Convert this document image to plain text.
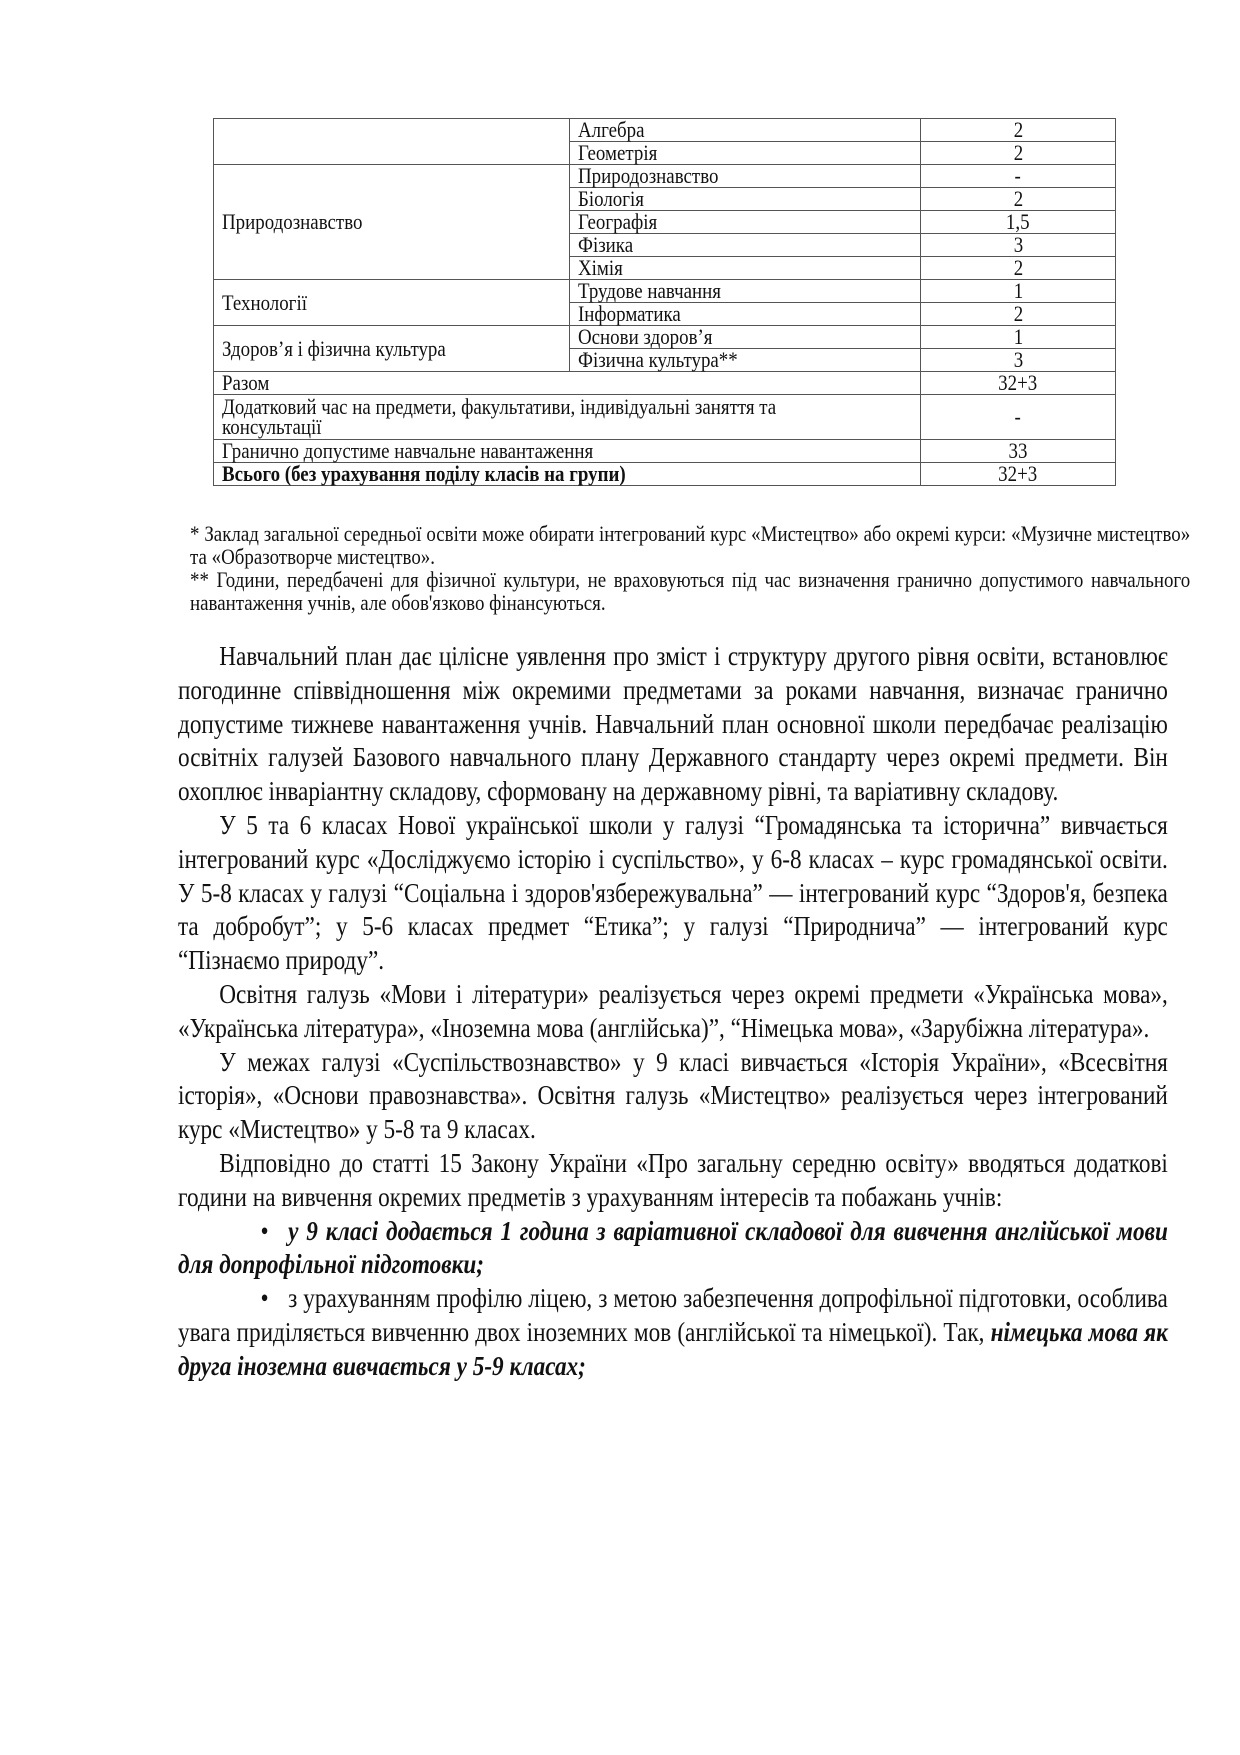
	Алгебра	2
	Геометрія	2
Природознавство	Природознавство	-
	Біологія	2
	Географія	1,5
	Фізика	3
	Хімія	2
Технології	Трудове навчання	1
	Інформатика	2
Здоров’я і фізична культура	Основи здоров’я	1
	Фізична культура**	3
Разом		32+3
Додатковий час на предмети, факультативи, індивідуальні заняття та консультації		-
Гранично допустиме навчальне навантаження		33
Всього (без урахування поділу класів на групи)		32+3

* Заклад загальної середньої освіти може обирати інтегрований курс «Мистецтво» або окремі курси: «Музичне мистецтво» та «Образотворче мистецтво».

** Години, передбачені для фізичної культури, не враховуються під час визначення гранично допустимого навчального навантаження учнів, але обов'язково фінансуються.

Навчальний план дає цілісне уявлення про зміст і структуру другого рівня освіти, встановлює погодинне співвідношення між окремими предметами за роками навчання, визначає гранично допустиме тижневе навантаження учнів. Навчальний план основної школи передбачає реалізацію освітніх галузей Базового навчального плану Державного стандарту через окремі предмети. Він охоплює інваріантну складову, сформовану на державному рівні, та варіативну складову.

У 5 та 6 класах Нової української школи у галузі “Громадянська та історична” вивчається інтегрований курс «Досліджуємо історію і суспільство», у 6-8 класах – курс громадянської освіти. У 5-8 класах у галузі “Соціальна і здоров'язбережувальна” — інтегрований курс “Здоров'я, безпека та добробут”; у 5-6 класах предмет “Етика”; у галузі “Природнича” — інтегрований курс “Пізнаємо природу”.

Освітня галузь «Мови і літератури» реалізується через окремі предмети «Українська мова», «Українська література», «Іноземна мова (англійська)”, “Німецька мова», «Зарубіжна література».

У межах галузі «Суспільствознавство» у 9 класі вивчається «Історія України», «Всесвітня історія», «Основи правознавства». Освітня галузь «Мистецтво» реалізується через інтегрований курс «Мистецтво» у 5-8 та 9 класах.

Відповідно до статті 15 Закону України «Про загальну середню освіту» вводяться додаткові години на вивчення окремих предметів з урахуванням інтересів та побажань учнів:

• у 9 класі додається 1 година з варіативної складової для вивчення англійської мови для допрофільної підготовки;

• з урахуванням профілю ліцею, з метою забезпечення допрофільної підготовки, особлива увага приділяється вивченню двох іноземних мов (англійської та німецької). Так, німецька мова як друга іноземна вивчається у 5-9 класах;
